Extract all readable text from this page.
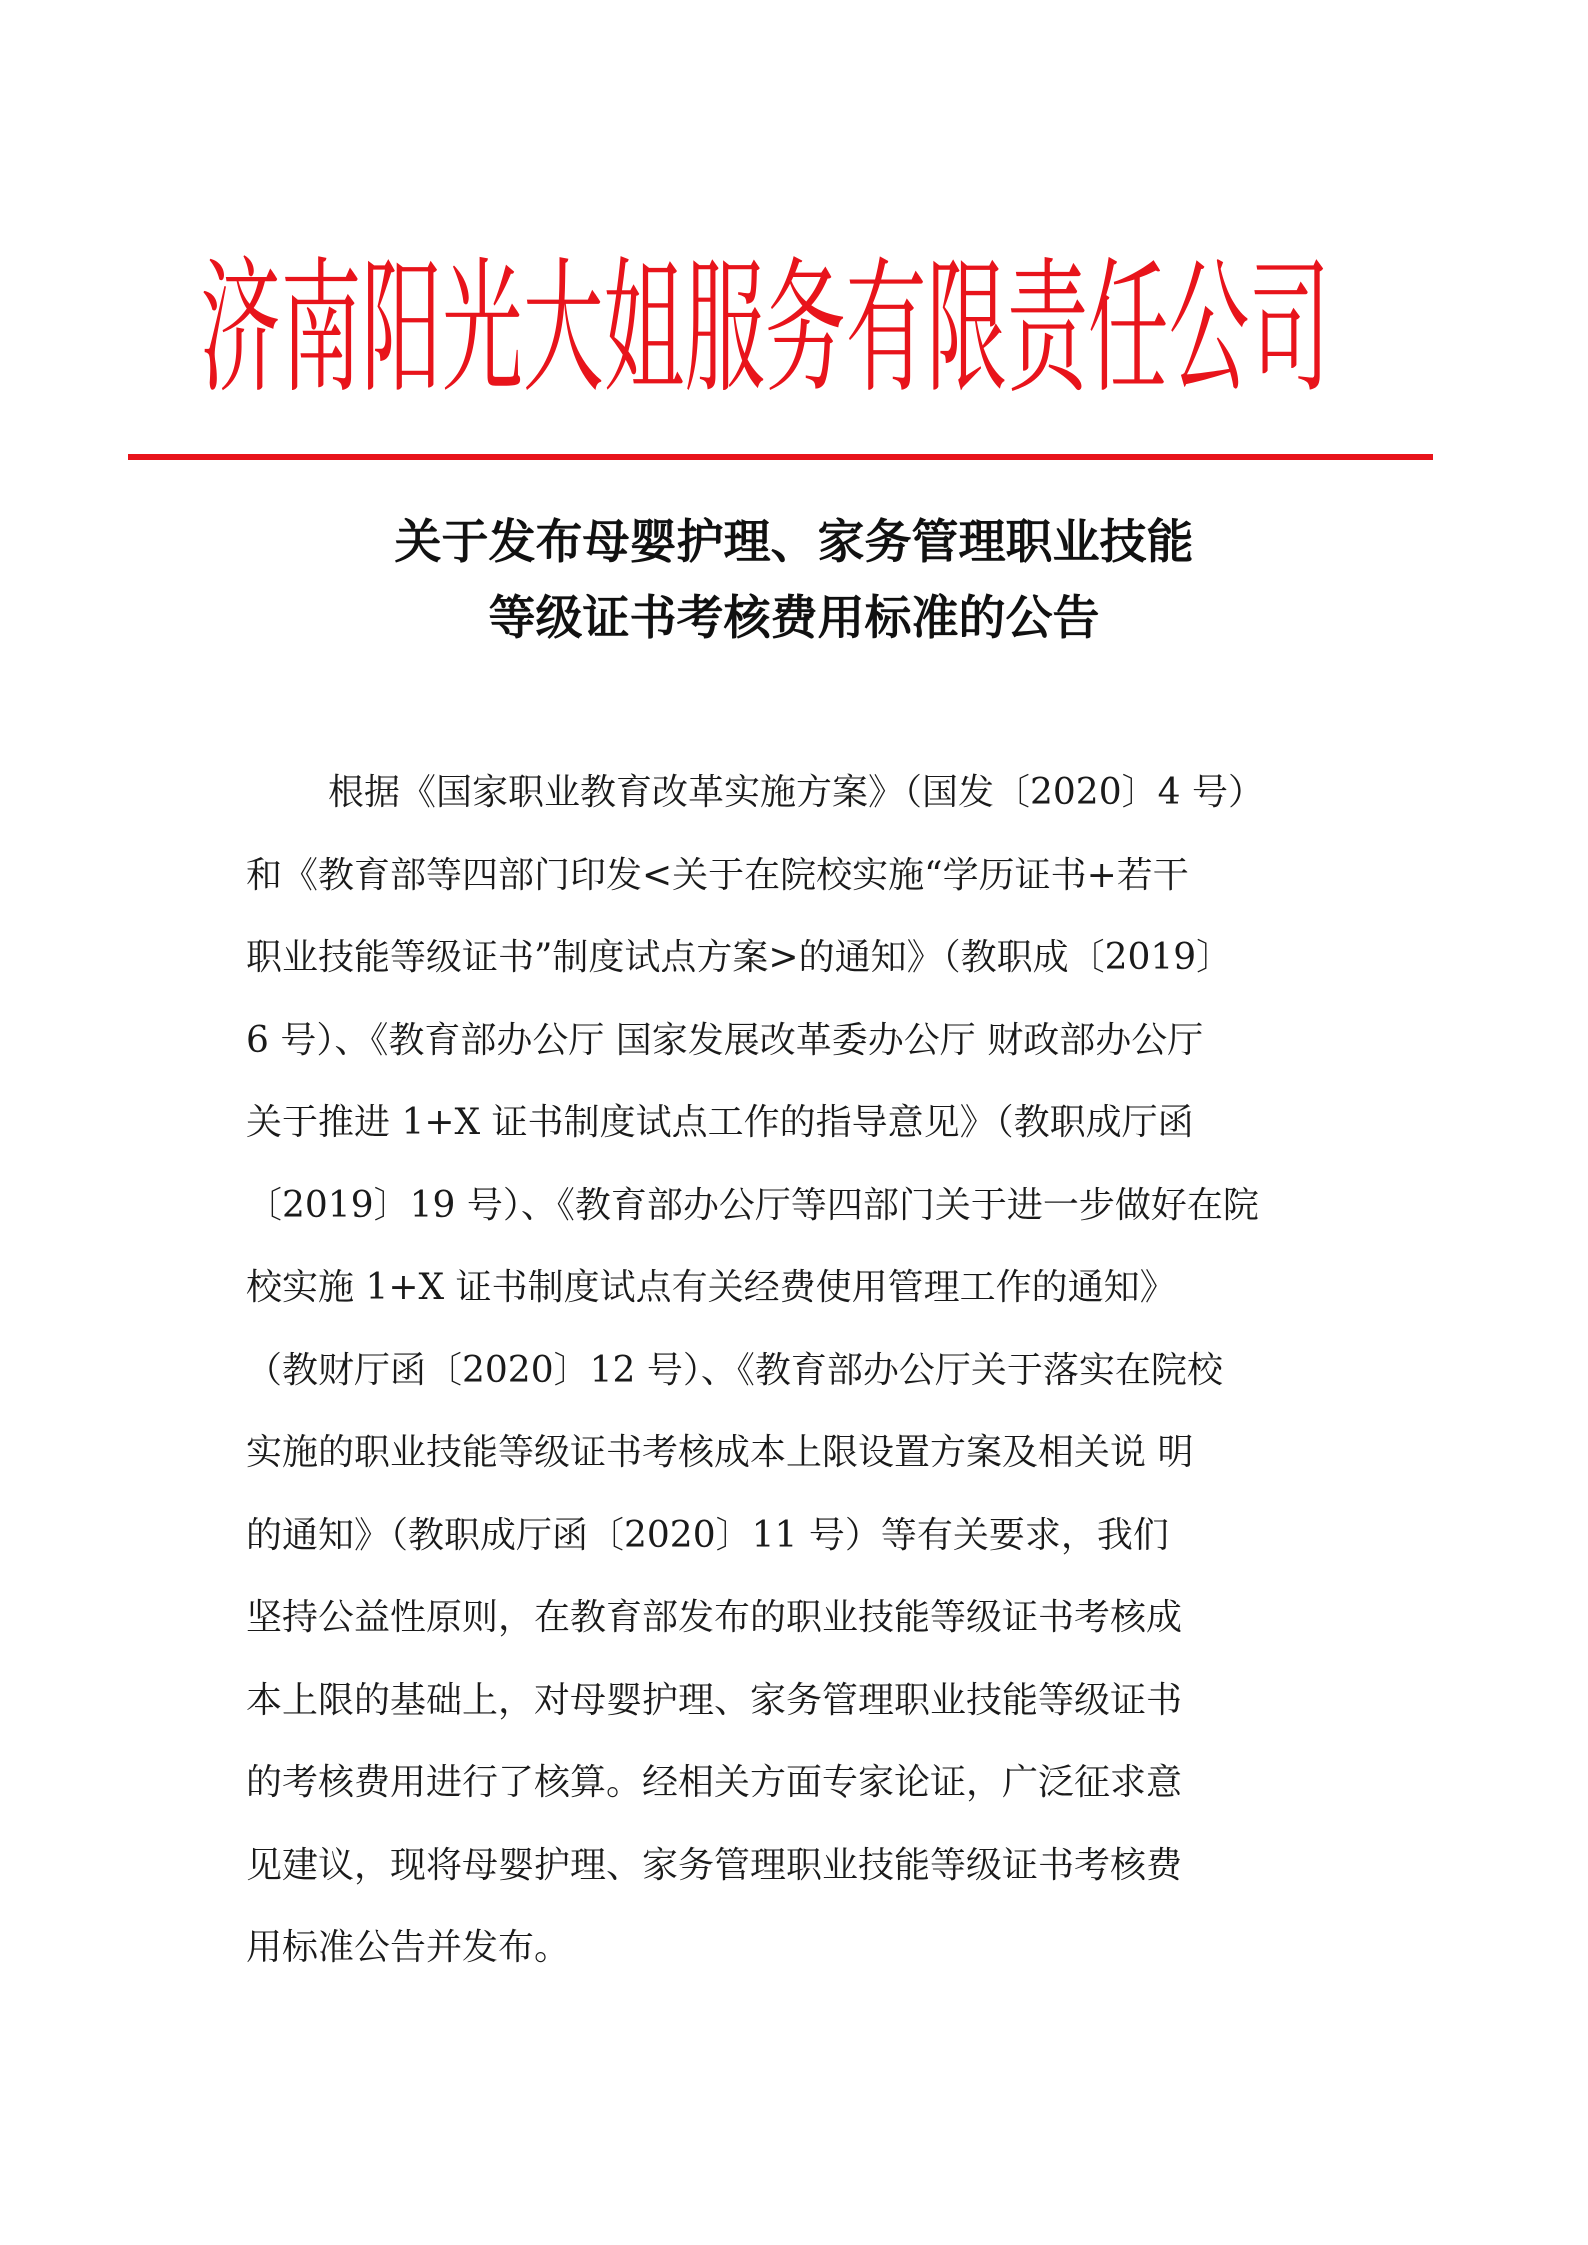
济南阳光大姐服务有限责任公司
关于发布母婴护理、家务管理职业技能
等级证书考核费用标准的公告
根据《国家职业教育改革实施方案》（国发〔2020〕4 号）
和《教育部等四部门印发<关于在院校实施“学历证书+若干
职业技能等级证书”制度试点方案>的通知》（教职成〔2019〕
6 号）、《教育部办公厅 国家发展改革委办公厅 财政部办公厅
关于推进 1+X 证书制度试点工作的指导意见》（教职成厅函
〔2019〕19 号）、《教育部办公厅等四部门关于进一步做好在院
校实施 1+X 证书制度试点有关经费使用管理工作的通知》
（教财厅函〔2020〕12 号）、《教育部办公厅关于落实在院校
实施的职业技能等级证书考核成本上限设置方案及相关说 明
的通知》（教职成厅函〔2020〕11 号）等有关要求，我们
坚持公益性原则，在教育部发布的职业技能等级证书考核成
本上限的基础上，对母婴护理、家务管理职业技能等级证书
的考核费用进行了核算。经相关方面专家论证，广泛征求意
见建议，现将母婴护理、家务管理职业技能等级证书考核费
用标准公告并发布。
